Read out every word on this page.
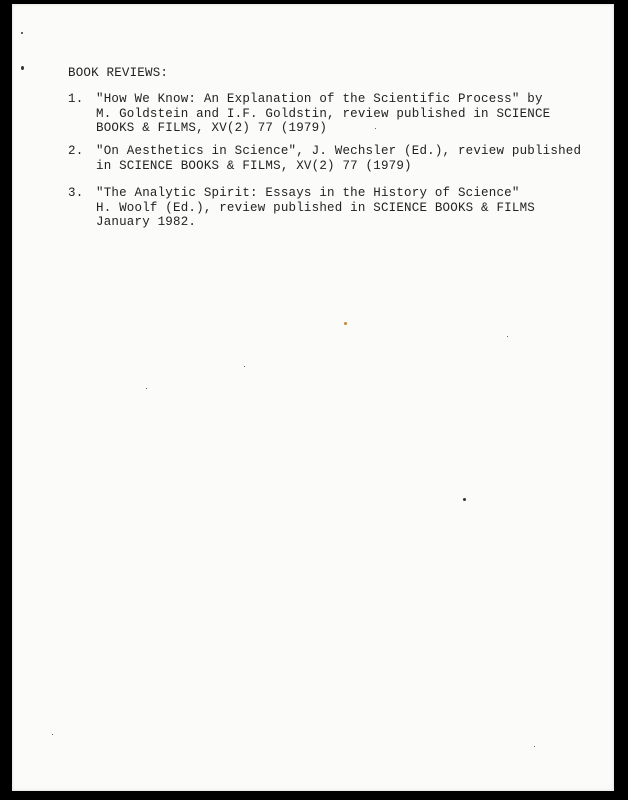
BOOK REVIEWS:
1. "How We Know: An Explanation of the Scientific Process" by
M. Goldstein and I.F. Goldstin, review published in SCIENCE
BOOKS & FILMS, XV(2) 77 (1979)
2. "On Aesthetics in Science", J. Wechsler (Ed.), review published
in SCIENCE BOOKS & FILMS, XV(2) 77 (1979)
3. "The Analytic Spirit: Essays in the History of Science"
H. Woolf (Ed.), review published in SCIENCE BOOKS & FILMS
January 1982.
